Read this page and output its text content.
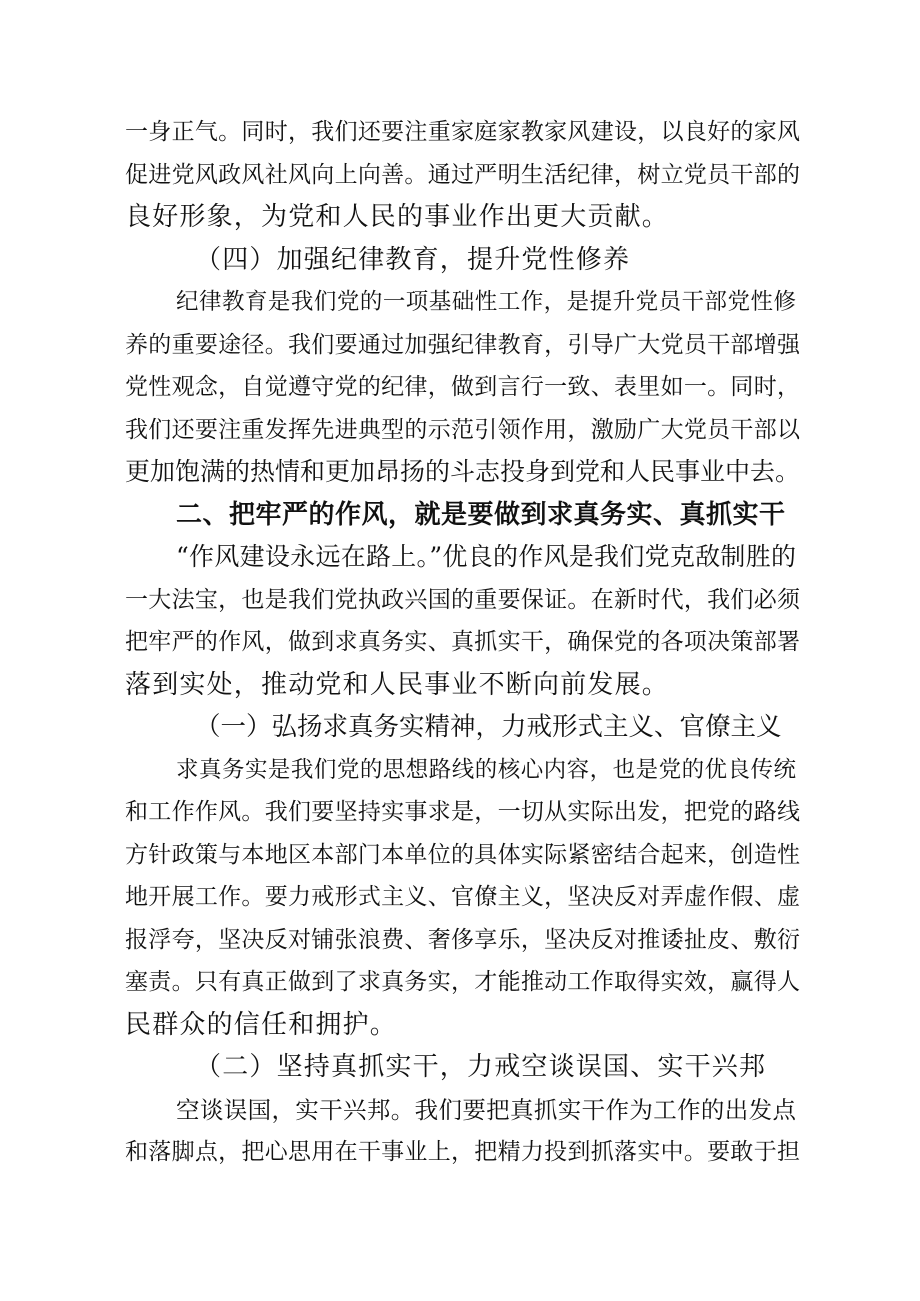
一身正气。同时，我们还要注重家庭家教家风建设，以良好的家风
促进党风政风社风向上向善。通过严明生活纪律，树立党员干部的
良好形象，为党和人民的事业作出更大贡献。
（四）加强纪律教育，提升党性修养
纪律教育是我们党的一项基础性工作，是提升党员干部党性修
养的重要途径。我们要通过加强纪律教育，引导广大党员干部增强
党性观念，自觉遵守党的纪律，做到言行一致、表里如一。同时，
我们还要注重发挥先进典型的示范引领作用，激励广大党员干部以
更加饱满的热情和更加昂扬的斗志投身到党和人民事业中去。
二、把牢严的作风，就是要做到求真务实、真抓实干
“作风建设永远在路上。”优良的作风是我们党克敌制胜的
一大法宝，也是我们党执政兴国的重要保证。在新时代，我们必须
把牢严的作风，做到求真务实、真抓实干，确保党的各项决策部署
落到实处，推动党和人民事业不断向前发展。
（一）弘扬求真务实精神，力戒形式主义、官僚主义
求真务实是我们党的思想路线的核心内容，也是党的优良传统
和工作作风。我们要坚持实事求是，一切从实际出发，把党的路线
方针政策与本地区本部门本单位的具体实际紧密结合起来，创造性
地开展工作。要力戒形式主义、官僚主义，坚决反对弄虚作假、虚
报浮夸，坚决反对铺张浪费、奢侈享乐，坚决反对推诿扯皮、敷衍
塞责。只有真正做到了求真务实，才能推动工作取得实效，赢得人
民群众的信任和拥护。
（二）坚持真抓实干，力戒空谈误国、实干兴邦
空谈误国，实干兴邦。我们要把真抓实干作为工作的出发点
和落脚点，把心思用在干事业上，把精力投到抓落实中。要敢于担
